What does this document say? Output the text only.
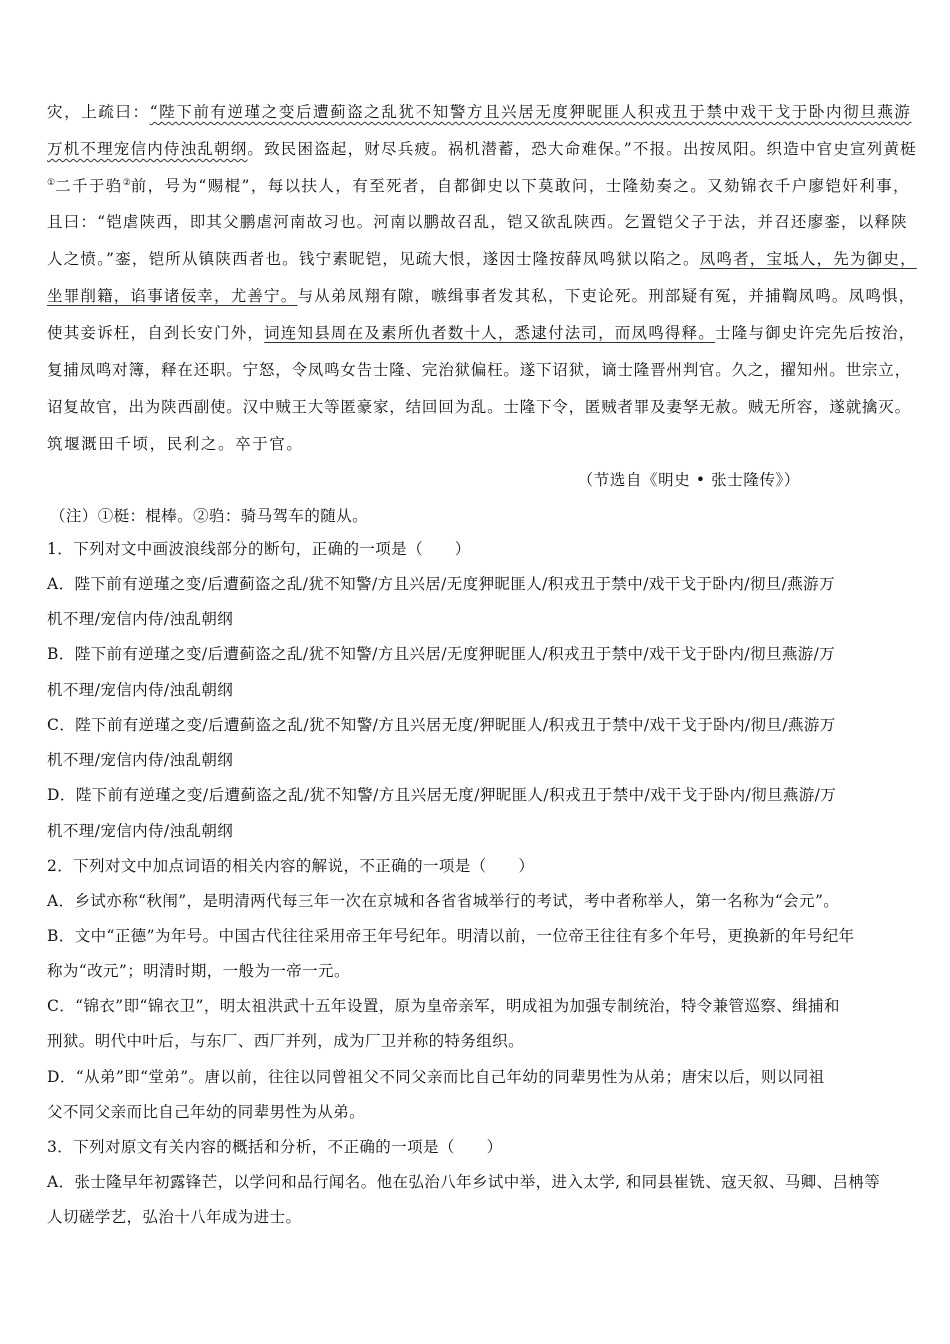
灾，上疏曰：“陛下前有逆瑾之变后遭蓟盗之乱犹不知警方且兴居无度狎昵匪人积戎丑于禁中戏干戈于卧内彻旦燕游
万机不理宠信内侍浊乱朝纲。致民困盗起，财尽兵疲。祸机潜蓄，恐大命难保。”不报。出按凤阳。织造中官史宣列黄梃
①二千于驺②前，号为“赐棍”，每以扶人，有至死者，自都御史以下莫敢问，士隆劾奏之。又劾锦衣千户廖铠奸利事，
且曰：“铠虐陕西，即其父鹏虐河南故习也。河南以鹏故召乱，铠又欲乱陕西。乞置铠父子于法，并召还廖銮，以释陕
人之愤。”銮，铠所从镇陕西者也。钱宁素昵铠，见疏大恨，遂因士隆按薛凤鸣狱以陷之。凤鸣者，宝坻人，先为御史，
坐罪削籍，谄事诸佞幸，尤善宁。与从弟凤翔有隙，嗾缉事者发其私，下吏论死。刑部疑有冤，并捕鞫凤鸣。凤鸣惧，
使其妾诉枉，自刭长安门外，词连知县周在及素所仇者数十人，悉逮付法司，而凤鸣得释。士隆与御史许完先后按治，
复捕凤鸣对簿，释在还职。宁怒，令凤鸣女告士隆、完治狱偏枉。遂下诏狱，谪士隆晋州判官。久之，擢知州。世宗立，
诏复故官，出为陕西副使。汉中贼王大等匿豪家，结回回为乱。士隆下令，匿贼者罪及妻孥无赦。贼无所容，遂就擒灭。
筑堰溉田千顷，民利之。卒于官。
（节选自《明史 • 张士隆传》）
（注）①梃：棍棒。②驺：骑马驾车的随从。
1．下列对文中画波浪线部分的断句，正确的一项是（　　）
A．陛下前有逆瑾之变/后遭蓟盗之乱/犹不知警/方且兴居/无度狎昵匪人/积戎丑于禁中/戏干戈于卧内/彻旦/燕游万
机不理/宠信内侍/浊乱朝纲
B．陛下前有逆瑾之变/后遭蓟盗之乱/犹不知警/方且兴居/无度狎昵匪人/积戎丑于禁中/戏干戈于卧内/彻旦燕游/万
机不理/宠信内侍/浊乱朝纲
C．陛下前有逆瑾之变/后遭蓟盗之乱/犹不知警/方且兴居无度/狎昵匪人/积戎丑于禁中/戏干戈于卧内/彻旦/燕游万
机不理/宠信内侍/浊乱朝纲
D．陛下前有逆瑾之变/后遭蓟盗之乱/犹不知警/方且兴居无度/狎昵匪人/积戎丑于禁中/戏干戈于卧内/彻旦燕游/万
机不理/宠信内侍/浊乱朝纲
2．下列对文中加点词语的相关内容的解说，不正确的一项是（　　）
A．乡试亦称“秋闱”，是明清两代每三年一次在京城和各省省城举行的考试，考中者称举人，第一名称为“会元”。
B．文中“正德”为年号。中国古代往往采用帝王年号纪年。明清以前，一位帝王往往有多个年号，更换新的年号纪年
称为“改元”；明清时期，一般为一帝一元。
C．“锦衣”即“锦衣卫”，明太祖洪武十五年设置，原为皇帝亲军，明成祖为加强专制统治，特令兼管巡察、缉捕和
刑狱。明代中叶后，与东厂、西厂并列，成为厂卫并称的特务组织。
D．“从弟”即“堂弟”。唐以前，往往以同曾祖父不同父亲而比自己年幼的同辈男性为从弟；唐宋以后，则以同祖
父不同父亲而比自己年幼的同辈男性为从弟。
3．下列对原文有关内容的概括和分析，不正确的一项是（　　）
A．张士隆早年初露锋芒，以学问和品行闻名。他在弘治八年乡试中举，进入太学, 和同县崔铣、寇天叙、马卿、吕柟等
人切磋学艺，弘治十八年成为进士。
